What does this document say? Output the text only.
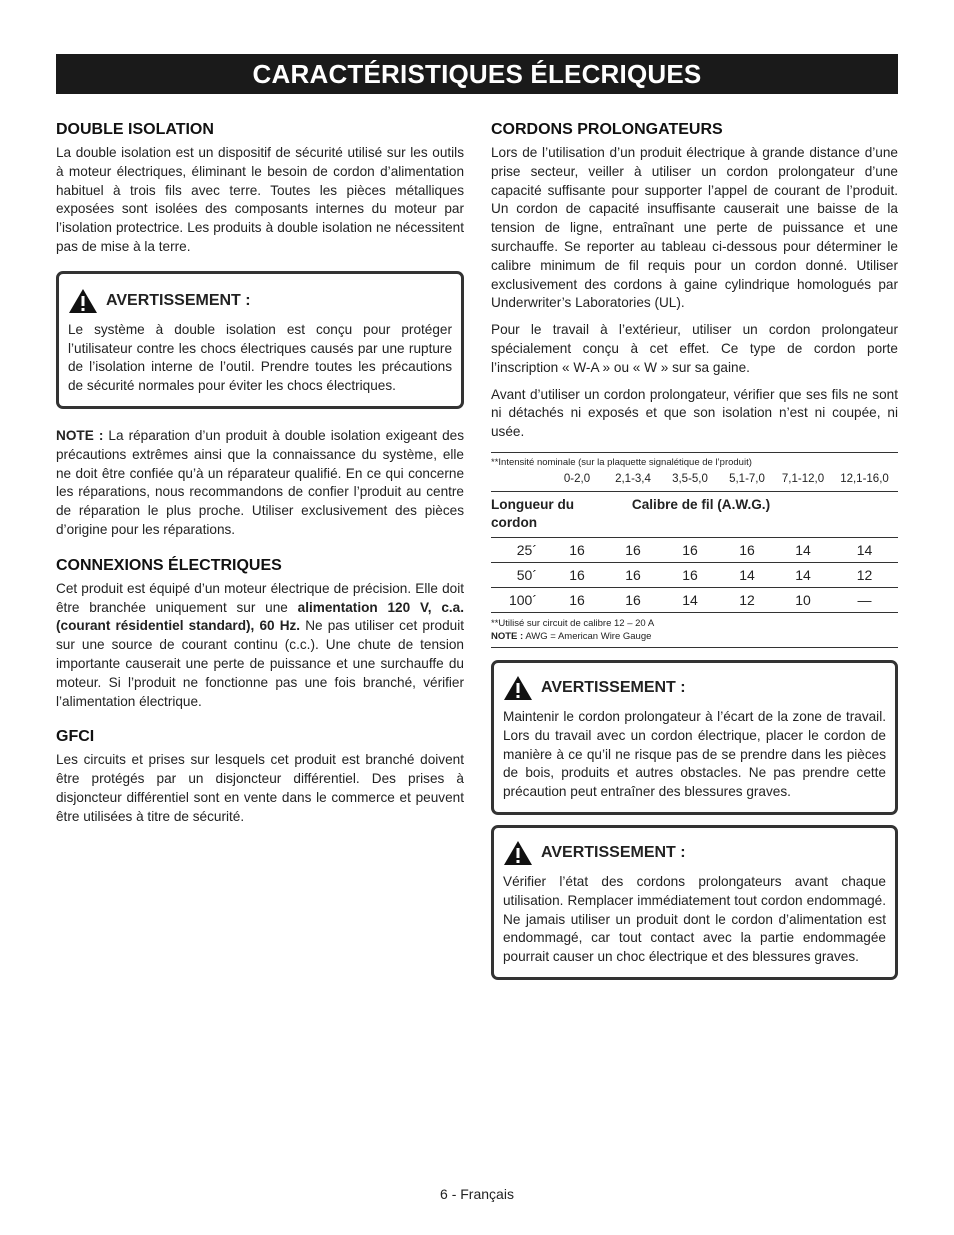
CARACTÉRISTIQUES ÉLECRIQUES
DOUBLE ISOLATION

La double isolation est un dispositif de sécurité utilisé sur les outils à moteur électriques, éliminant le besoin de cordon d’alimentation habituel à trois fils avec terre. Toutes les pièces métalliques exposées sont isolées des composants internes du moteur par l’isolation protectrice. Les produits à double isolation ne nécessitent pas de mise à la terre.

AVERTISSEMENT :

Le système à double isolation est conçu pour protéger l’utilisateur contre les chocs électriques causés par une rupture de l’isolation interne de l’outil. Prendre toutes les précautions de sécurité normales pour éviter les chocs électriques.

NOTE : La réparation d’un produit à double isolation exigeant des précautions extrêmes ainsi que la connaissance du système, elle ne doit être confiée qu’à un réparateur qualifié. En ce qui concerne les réparations, nous recommandons de confier l’produit au centre de réparation le plus proche. Utiliser exclusivement des pièces d’origine pour les réparations.

CONNEXIONS ÉLECTRIQUES

Cet produit est équipé d’un moteur électrique de précision. Elle doit être branchée uniquement sur une alimentation 120 V, c.a. (courant résidentiel standard), 60 Hz. Ne pas utiliser cet produit sur une source de courant continu (c.c.). Une chute de tension importante causerait une perte de puissance et une surchauffe du moteur. Si l’produit ne fonctionne pas une fois branché, vérifier l’alimentation électrique.

GFCI

Les circuits et prises sur lesquels cet produit est branché doivent être protégés par un disjoncteur différentiel. Des prises à disjoncteur différentiel sont en vente dans le commerce et peuvent être utilisées à titre de sécurité.

CORDONS PROLONGATEURS

Lors de l’utilisation d’un produit électrique à grande distance d’une prise secteur, veiller à utiliser un cordon prolongateur d’une capacité suffisante pour supporter l’appel de courant de l’produit. Un cordon de capacité insuffisante causerait une baisse de la tension de ligne, entraînant une perte de puissance et une surchauffe. Se reporter au tableau ci-dessous pour déterminer le calibre minimum de fil requis pour un cordon donné. Utiliser exclusivement des cordons à gaine cylindrique homologués par Underwriter’s Laboratories (UL).

Pour le travail à l’extérieur, utiliser un cordon prolongateur spécialement conçu à cet effet. Ce type de cordon porte l’inscription « W-A » ou « W » sur sa gaine.

Avant d’utiliser un cordon prolongateur, vérifier que ses fils ne sont ni détachés ni exposés et que son isolation n’est ni coupée, ni usée.

**Intensité nominale (sur la plaquette signalétique de l’produit)
0-2,0	2,1-3,4	3,5-5,0	5,1-7,0	7,1-12,0	12,1-16,0
Longueur du cordon
Calibre de fil (A.W.G.)
25´	16	16	16	16	14	14
50´	16	16	16	14	14	12
100´	16	16	14	12	10	—
**Utilisé sur circuit de calibre 12 – 20 A
NOTE : AWG = American Wire Gauge
AVERTISSEMENT :

Maintenir le cordon prolongateur à l’écart de la zone de travail. Lors du travail avec un cordon électrique, placer le cordon de manière à ce qu’il ne risque pas de se prendre dans les pièces de bois, produits et autres obstacles. Ne pas prendre cette précaution peut entraîner des blessures graves.

AVERTISSEMENT :

Vérifier l’état des cordons prolongateurs avant chaque utilisation. Remplacer immédiatement tout cordon endommagé. Ne jamais utiliser un produit dont le cordon d’alimentation est endommagé, car tout contact avec la partie endommagée pourrait causer un choc électrique et des blessures graves.

6 - Français
